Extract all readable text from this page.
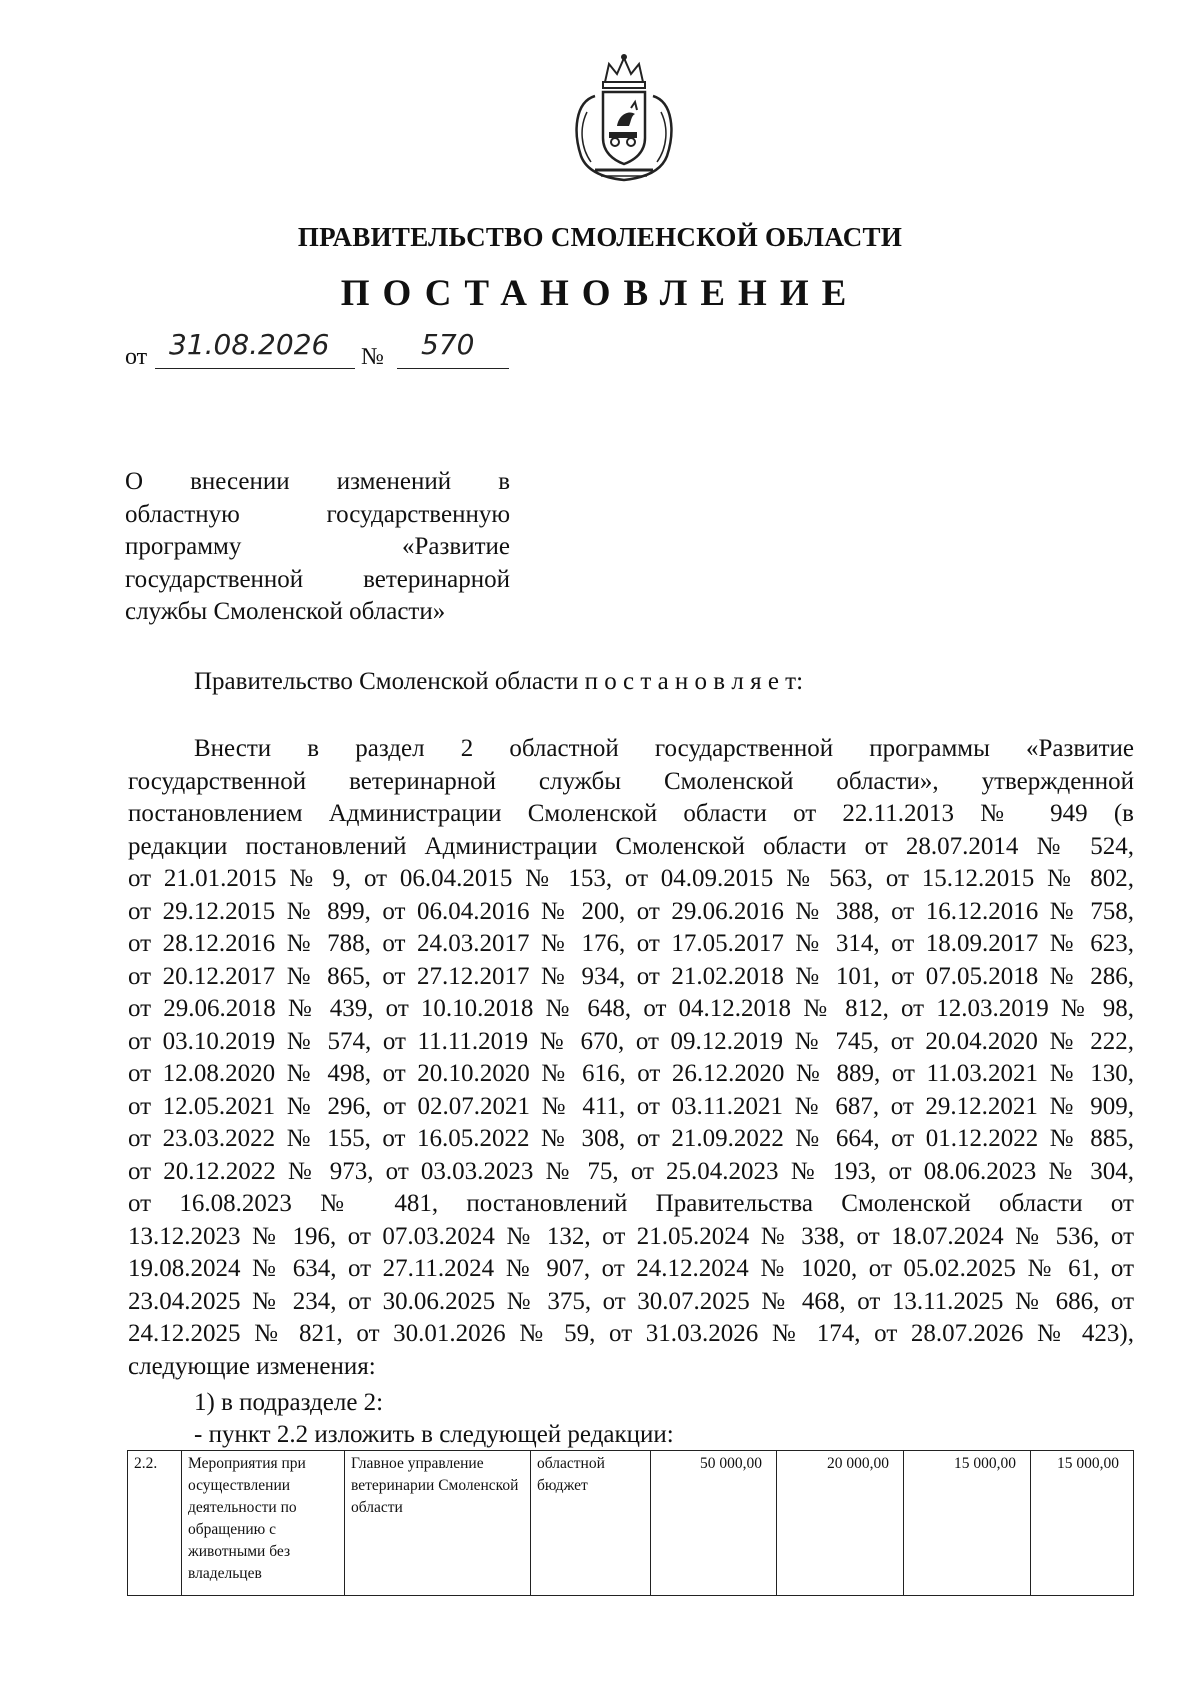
ПРАВИТЕЛЬСТВО СМОЛЕНСКОЙ ОБЛАСТИ
ПОСТАНОВЛЕНИЕ
от 31.08.2026 № 570
О внесении изменений в
областную государственную
программу «Развитие
государственной ветеринарной
службы Смоленской области»
Правительство Смоленской области п о с т а н о в л я е т:
Внести в раздел 2 областной государственной программы «Развитие
государственной ветеринарной службы Смоленской области», утвержденной
постановлением Администрации Смоленской области от 22.11.2013 № 949 (в
редакции постановлений Администрации Смоленской области от 28.07.2014 № 524,
от 21.01.2015 № 9, от 06.04.2015 № 153, от 04.09.2015 № 563, от 15.12.2015 № 802,
от 29.12.2015 № 899, от 06.04.2016 № 200, от 29.06.2016 № 388, от 16.12.2016 № 758,
от 28.12.2016 № 788, от 24.03.2017 № 176, от 17.05.2017 № 314, от 18.09.2017 № 623,
от 20.12.2017 № 865, от 27.12.2017 № 934, от 21.02.2018 № 101, от 07.05.2018 № 286,
от 29.06.2018 № 439, от 10.10.2018 № 648, от 04.12.2018 № 812, от 12.03.2019 № 98,
от 03.10.2019 № 574, от 11.11.2019 № 670, от 09.12.2019 № 745, от 20.04.2020 № 222,
от 12.08.2020 № 498, от 20.10.2020 № 616, от 26.12.2020 № 889, от 11.03.2021 № 130,
от 12.05.2021 № 296, от 02.07.2021 № 411, от 03.11.2021 № 687, от 29.12.2021 № 909,
от 23.03.2022 № 155, от 16.05.2022 № 308, от 21.09.2022 № 664, от 01.12.2022 № 885,
от 20.12.2022 № 973, от 03.03.2023 № 75, от 25.04.2023 № 193, от 08.06.2023 № 304,
от 16.08.2023 № 481, постановлений Правительства Смоленской области от
13.12.2023 № 196, от 07.03.2024 № 132, от 21.05.2024 № 338, от 18.07.2024 № 536, от
19.08.2024 № 634, от 27.11.2024 № 907, от 24.12.2024 № 1020, от 05.02.2025 № 61, от
23.04.2025 № 234, от 30.06.2025 № 375, от 30.07.2025 № 468, от 13.11.2025 № 686, от
24.12.2025 № 821, от 30.01.2026 № 59, от 31.03.2026 № 174, от 28.07.2026 № 423),
следующие изменения:
1) в подразделе 2:
- пункт 2.2 изложить в следующей редакции:
2.2.	Мероприятия при осуществлении деятельности по обращению с животными без владельцев	Главное управление ветеринарии Смоленской области	областной бюджет	50 000,00	20 000,00	15 000,00	15 000,00
